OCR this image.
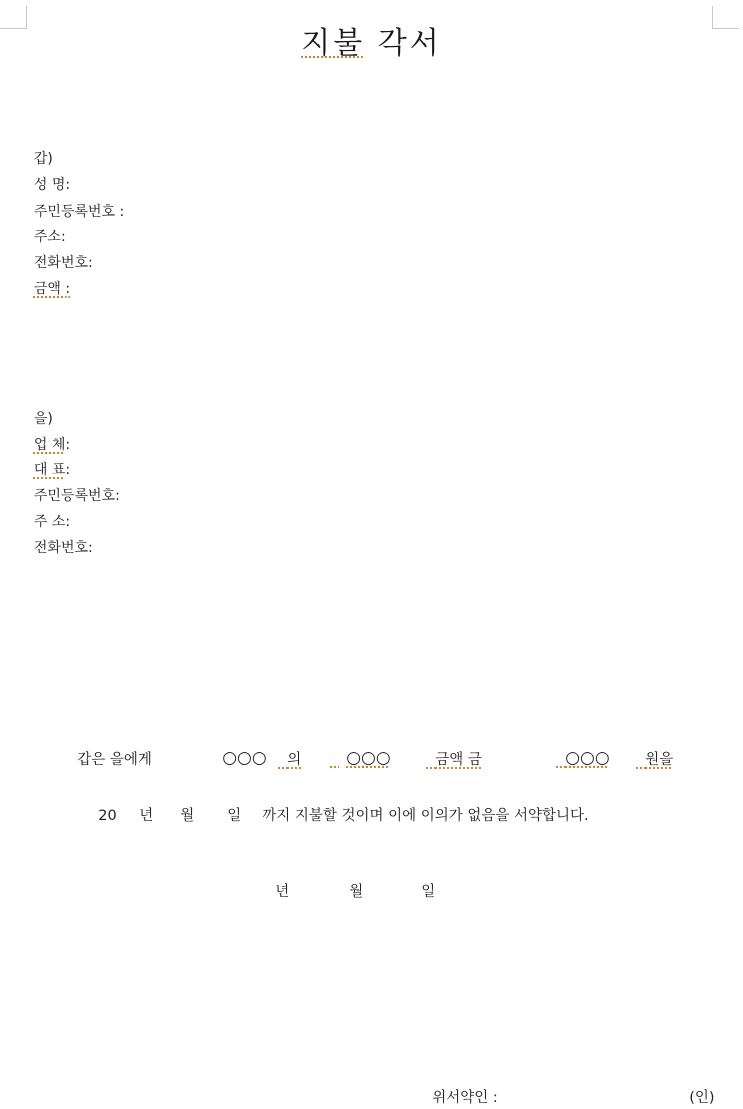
지불 각서

갑)

성 명:

주민등록번호 :

주소:

전화번호:

금액 :

을)

업 체:

대 표:

주민등록번호:

주 소:

전화번호:

갑은 을에게	○○○	의	○○○	금액 금	○○○	원을

20	년	월	일	까지 지불할 것이며 이에 이의가 없음을 서약합니다.

년	월	일

위서약인 :	(인)
